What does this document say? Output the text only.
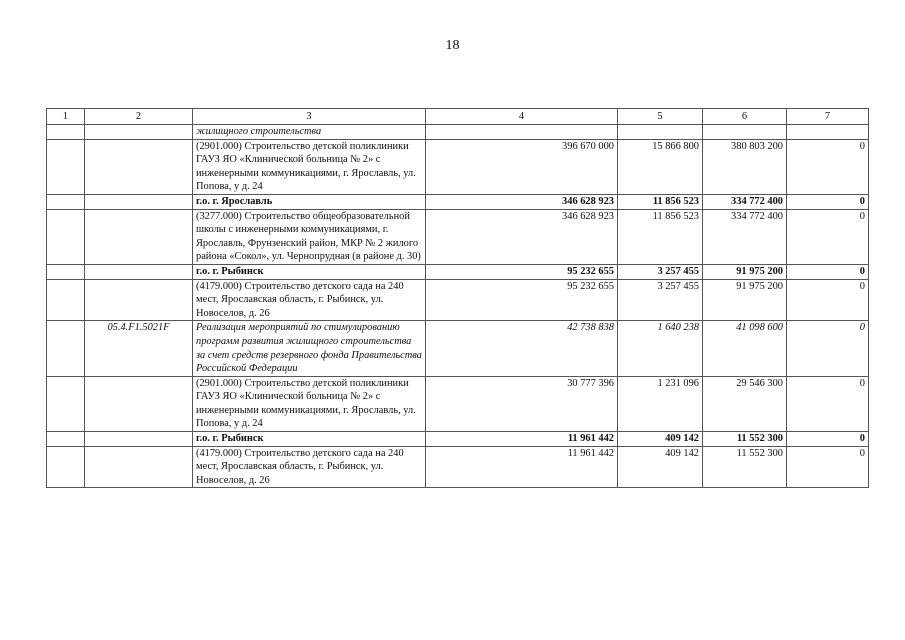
18
1	2	3	4	5	6	7
		жилищного строительства				
		(2901.000) Строительство детской поликлиники ГАУЗ ЯО «Клинической больница № 2» с инженерными коммуникациями, г. Ярославль, ул. Попова, у д. 24	396 670 000	15 866 800	380 803 200	0
		г.о. г. Ярославль	346 628 923	11 856 523	334 772 400	0
		(3277.000) Строительство общеобразовательной школы с инженерными коммуникациями, г. Ярославль, Фрунзенский район, МКР № 2 жилого района «Сокол», ул. Чернопрудная (в районе д. 30)	346 628 923	11 856 523	334 772 400	0
		г.о. г. Рыбинск	95 232 655	3 257 455	91 975 200	0
		(4179.000) Строительство детского сада на 240 мест, Ярославская область, г. Рыбинск, ул. Новоселов, д. 26	95 232 655	3 257 455	91 975 200	0
	05.4.F1.5021F	Реализация мероприятий по стимулированию программ развития жилищного строительства за счет средств резервного фонда Правительства Российской Федерации	42 738 838	1 640 238	41 098 600	0
		(2901.000) Строительство детской поликлиники ГАУЗ ЯО «Клинической больница № 2» с инженерными коммуникациями, г. Ярославль, ул. Попова, у д. 24	30 777 396	1 231 096	29 546 300	0
		г.о. г. Рыбинск	11 961 442	409 142	11 552 300	0
		(4179.000) Строительство детского сада на 240 мест, Ярославская область, г. Рыбинск, ул. Новоселов, д. 26	11 961 442	409 142	11 552 300	0
